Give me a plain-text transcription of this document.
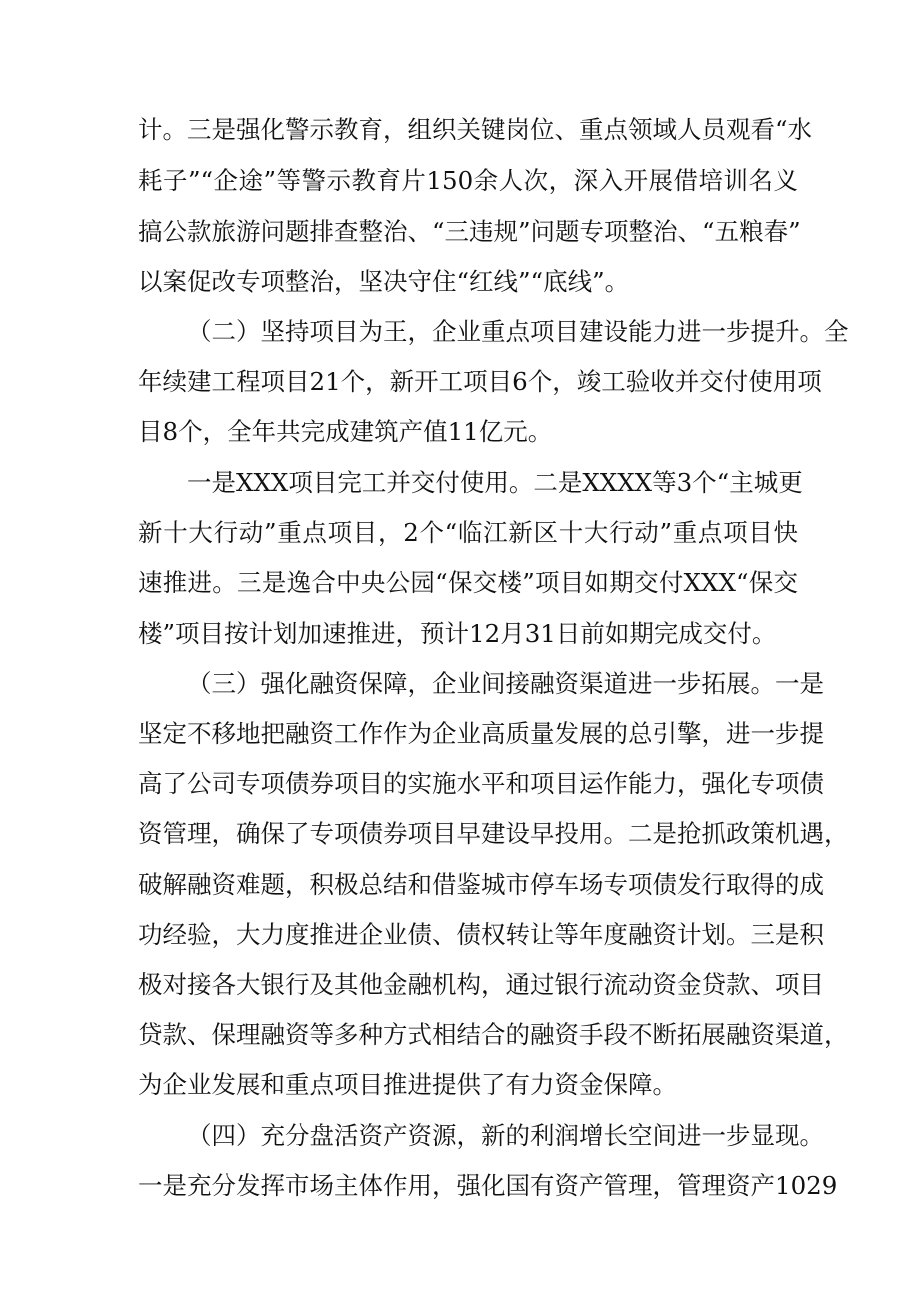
计。三是强化警示教育，组织关键岗位、重点领域人员观看“水
耗子”“企途”等警示教育片150余人次，深入开展借培训名义
搞公款旅游问题排查整治、“三违规”问题专项整治、“五粮春”
以案促改专项整治，坚决守住“红线”“底线”。
（二）坚持项目为王，企业重点项目建设能力进一步提升。全
年续建工程项目21个，新开工项目6个，竣工验收并交付使用项
目8个，全年共完成建筑产值11亿元。
一是XXX项目完工并交付使用。二是XXXX等3个“主城更
新十大行动”重点项目，2个“临江新区十大行动”重点项目快
速推进。三是逸合中央公园“保交楼”项目如期交付XXX“保交
楼”项目按计划加速推进，预计12月31日前如期完成交付。
（三）强化融资保障，企业间接融资渠道进一步拓展。一是
坚定不移地把融资工作作为企业高质量发展的总引擎，进一步提
高了公司专项债券项目的实施水平和项目运作能力，强化专项债
资管理，确保了专项债券项目早建设早投用。二是抢抓政策机遇，
破解融资难题，积极总结和借鉴城市停车场专项债发行取得的成
功经验，大力度推进企业债、债权转让等年度融资计划。三是积
极对接各大银行及其他金融机构，通过银行流动资金贷款、项目
贷款、保理融资等多种方式相结合的融资手段不断拓展融资渠道，
为企业发展和重点项目推进提供了有力资金保障。
（四）充分盘活资产资源，新的利润增长空间进一步显现。
一是充分发挥市场主体作用，强化国有资产管理，管理资产1029
